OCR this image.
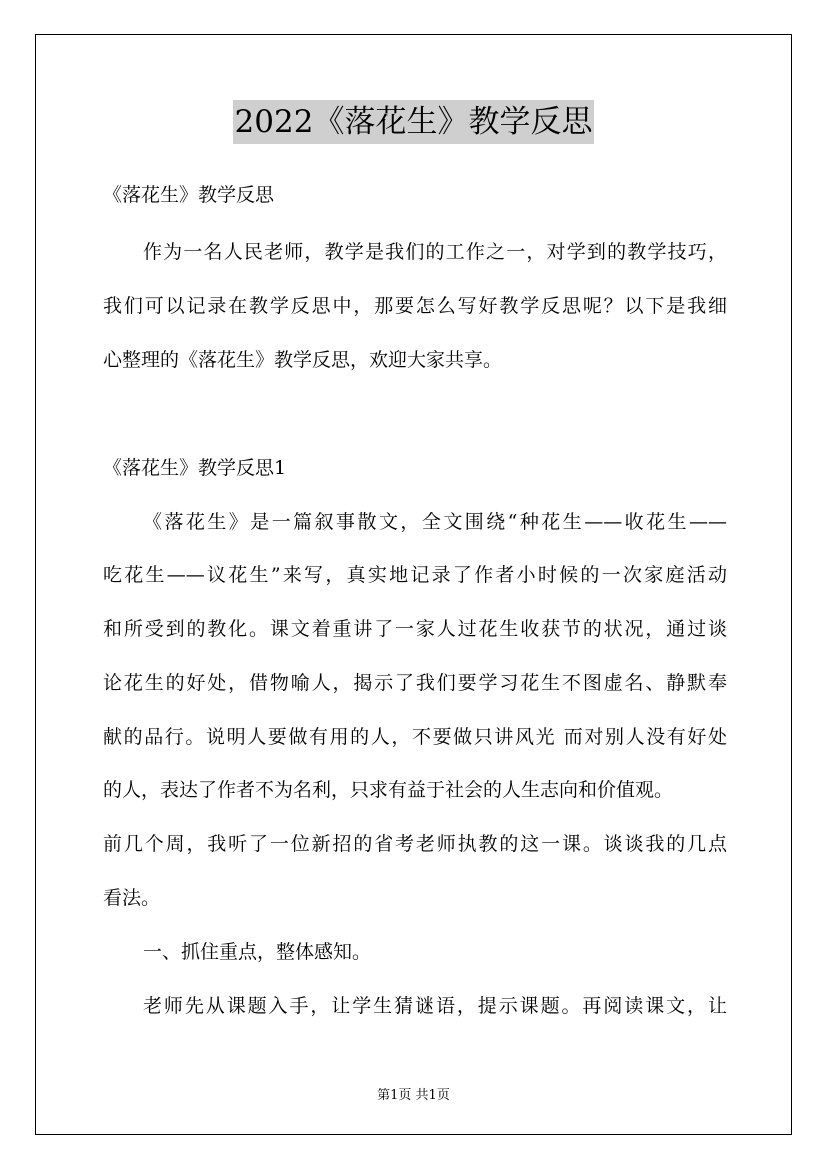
2022《落花生》教学反思
《落花生》教学反思
作为一名人民老师，教学是我们的工作之一，对学到的教学技巧，
我们可以记录在教学反思中，那要怎么写好教学反思呢？以下是我细
心整理的《落花生》教学反思，欢迎大家共享。
《落花生》教学反思1
《落花生》是一篇叙事散文，全文围绕“种花生——收花生——
吃花生——议花生”来写，真实地记录了作者小时候的一次家庭活动
和所受到的教化。课文着重讲了一家人过花生收获节的状况，通过谈
论花生的好处，借物喻人，揭示了我们要学习花生不图虚名、静默奉
献的品行。说明人要做有用的人，不要做只讲风光 而对别人没有好处
的人，表达了作者不为名利，只求有益于社会的人生志向和价值观。
前几个周，我听了一位新招的省考老师执教的这一课。谈谈我的几点
看法。
一、抓住重点，整体感知。
老师先从课题入手，让学生猜谜语，提示课题。再阅读课文，让
第1页 共1页
